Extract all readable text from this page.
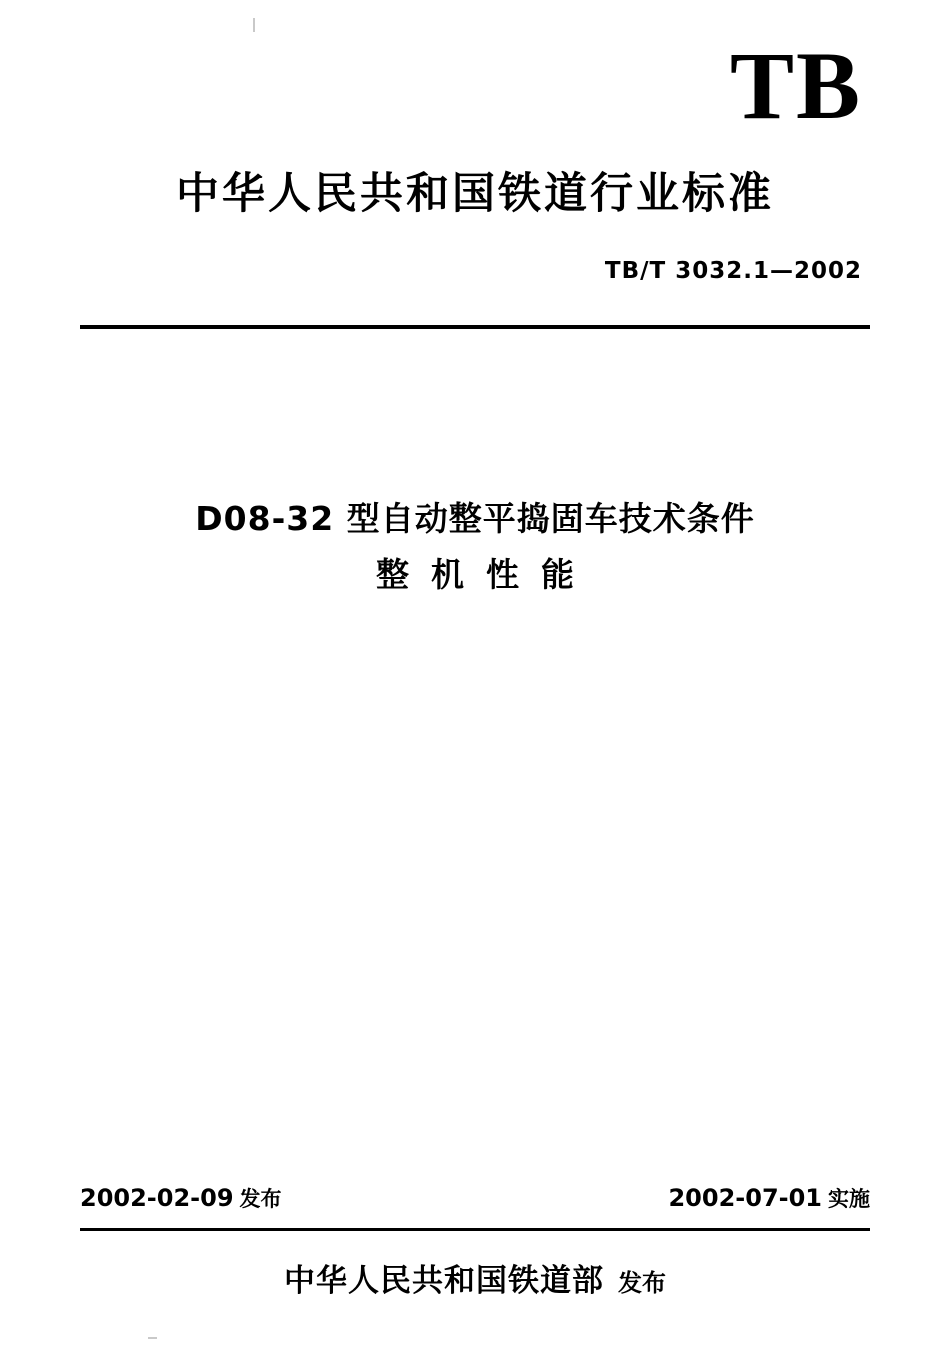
TB
中华人民共和国铁道行业标准
TB/T 3032.1—2002
D08-32 型自动整平捣固车技术条件
整机性能
2002-02-09 发布	2002-07-01 实施
中华人民共和国铁道部 发布
